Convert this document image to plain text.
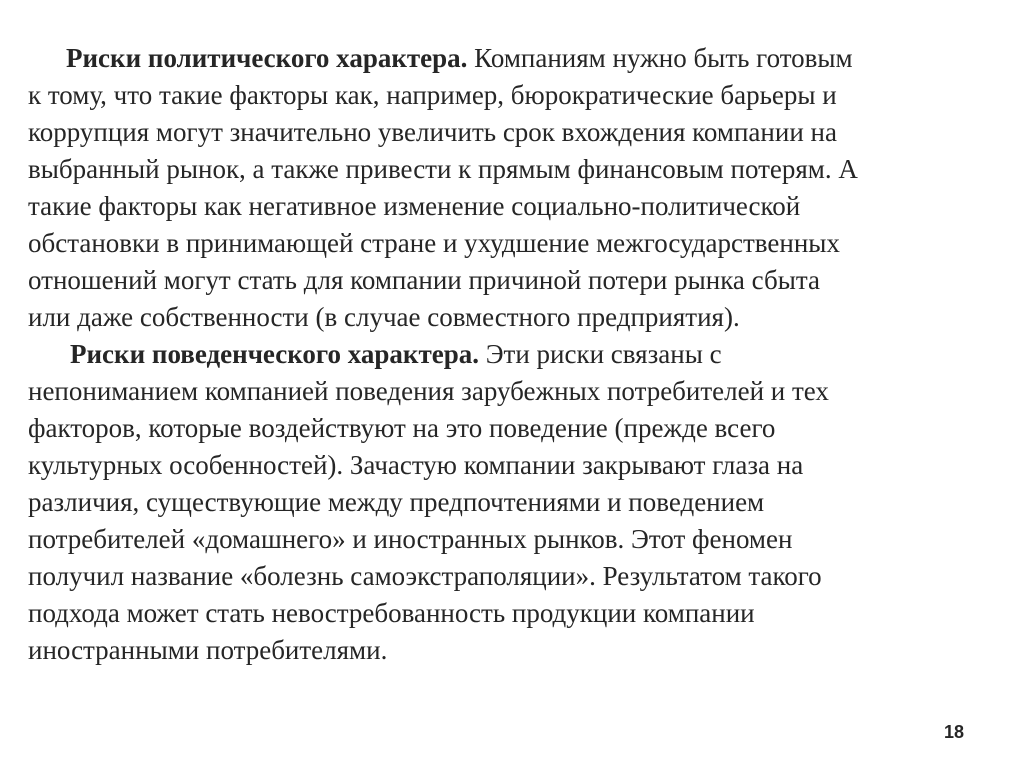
Риски политического характера. Компаниям нужно быть готовым
к тому, что такие факторы как, например, бюрократические барьеры и
коррупция могут значительно увеличить срок вхождения компании на
выбранный рынок, а также привести к прямым финансовым потерям. А
такие факторы как негативное изменение социально-политической
обстановки в принимающей стране и ухудшение межгосударственных
отношений могут стать для компании причиной потери рынка сбыта
или даже собственности (в случае совместного предприятия).
Риски поведенческого характера. Эти риски связаны с
непониманием компанией поведения зарубежных потребителей и тех
факторов, которые воздействуют на это поведение (прежде всего
культурных особенностей). Зачастую компании закрывают глаза на
различия, существующие между предпочтениями и поведением
потребителей «домашнего» и иностранных рынков. Этот феномен
получил название «болезнь самоэкстраполяции». Результатом такого
подхода может стать невостребованность продукции компании
иностранными потребителями.
18
